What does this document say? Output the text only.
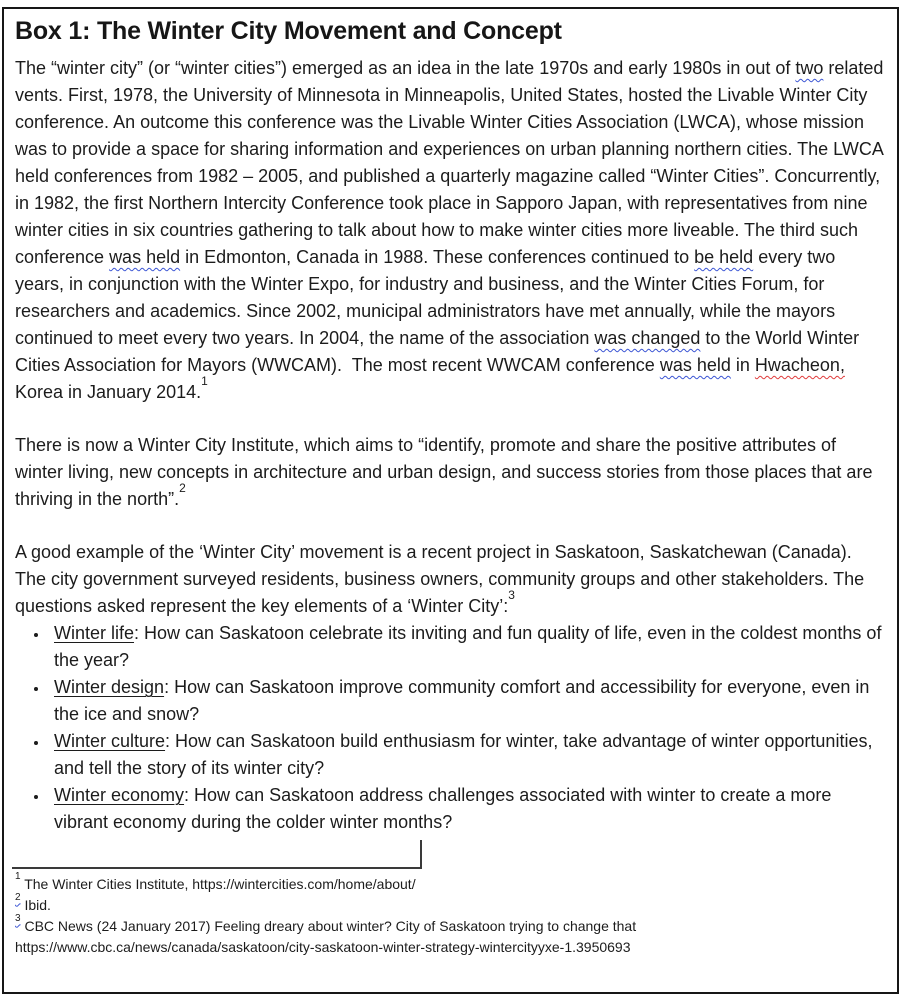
Box 1: The Winter City Movement and Concept

The “winter city” (or “winter cities”) emerged as an idea in the late 1970s and early 1980s in out of two related vents. First, 1978, the University of Minnesota in Minneapolis, United States, hosted the Livable Winter City conference. An outcome this conference was the Livable Winter Cities Association (LWCA), whose mission was to provide a space for sharing information and experiences on urban planning northern cities. The LWCA held conferences from 1982 – 2005, and published a quarterly magazine called “Winter Cities”. Concurrently, in 1982, the first Northern Intercity Conference took place in Sapporo Japan, with representatives from nine winter cities in six countries gathering to talk about how to make winter cities more liveable. The third such conference was held in Edmonton, Canada in 1988. These conferences continued to be held every two years, in conjunction with the Winter Expo, for industry and business, and the Winter Cities Forum, for researchers and academics. Since 2002, municipal administrators have met annually, while the mayors continued to meet every two years. In 2004, the name of the association was changed to the World Winter Cities Association for Mayors (WWCAM).  The most recent WWCAM conference was held in Hwacheon, Korea in January 2014.$^1$

There is now a Winter City Institute, which aims to “identify, promote and share the positive attributes of winter living, new concepts in architecture and urban design, and success stories from those places that are thriving in the north”.$^2$

A good example of the ‘Winter City’ movement is a recent project in Saskatoon, Saskatchewan (Canada). The city government surveyed residents, business owners, community groups and other stakeholders. The questions asked represent the key elements of a ‘Winter City’:$^3$

• Winter life: How can Saskatoon celebrate its inviting and fun quality of life, even in the coldest months of the year?
• Winter design: How can Saskatoon improve community comfort and accessibility for everyone, even in the ice and snow?
• Winter culture: How can Saskatoon build enthusiasm for winter, take advantage of winter opportunities, and tell the story of its winter city?
• Winter economy: How can Saskatoon address challenges associated with winter to create a more vibrant economy during the colder winter months?
$^1$ The Winter Cities Institute, https://wintercities.com/home/about/
$^2$ Ibid.
$^3$ CBC News (24 January 2017) Feeling dreary about winter? City of Saskatoon trying to change that
https://www.cbc.ca/news/canada/saskatoon/city-saskatoon-winter-strategy-wintercityyxe-1.3950693
